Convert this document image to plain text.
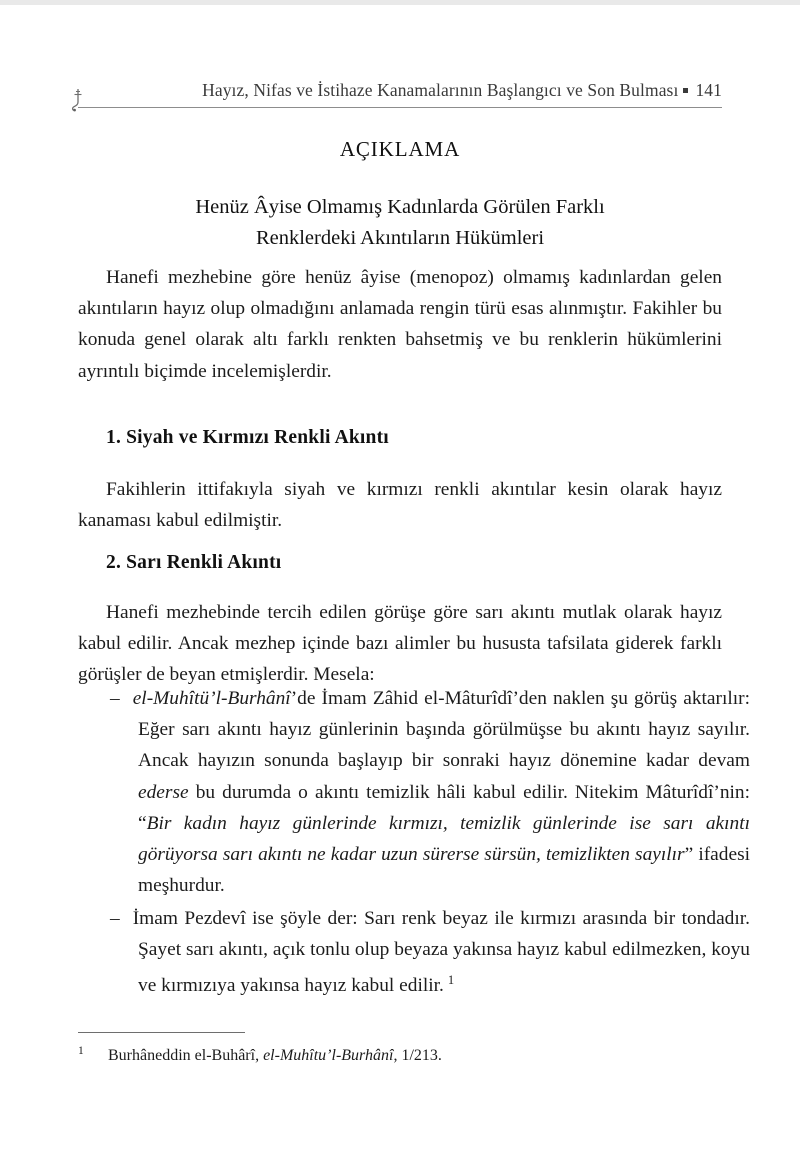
Hayız, Nifas ve İstihaze Kanamalarının Başlangıcı ve Son Bulması 141
AÇIKLAMA
Henüz Âyise Olmamış Kadınlarda Görülen Farklı
Renklerdeki Akıntıların Hükümleri
Hanefi mezhebine göre henüz âyise (menopoz) olmamış kadınlardan gelen akıntıların hayız olup olmadığını anlamada rengin türü esas alınmıştır. Fakihler bu konuda genel olarak altı farklı renkten bahsetmiş ve bu renklerin hükümlerini ayrıntılı biçimde incelemişlerdir.
1. Siyah ve Kırmızı Renkli Akıntı
Fakihlerin ittifakıyla siyah ve kırmızı renkli akıntılar kesin olarak hayız kanaması kabul edilmiştir.
2. Sarı Renkli Akıntı
Hanefi mezhebinde tercih edilen görüşe göre sarı akıntı mutlak olarak hayız kabul edilir. Ancak mezhep içinde bazı alimler bu hususta tafsilata giderek farklı görüşler de beyan etmişlerdir. Mesela:
– el-Muhîtü’l-Burhânî’de İmam Zâhid el-Mâturîdî’den naklen şu görüş aktarılır: Eğer sarı akıntı hayız günlerinin başında görülmüşse bu akıntı hayız sayılır. Ancak hayızın sonunda başlayıp bir sonraki hayız dönemine kadar devam ederse bu durumda o akıntı temizlik hâli kabul edilir. Nitekim Mâturîdî’nin: “Bir kadın hayız günlerinde kırmızı, temizlik günlerinde ise sarı akıntı görüyorsa sarı akıntı ne kadar uzun sürerse sürsün, temizlikten sayılır” ifadesi meşhurdur.
– İmam Pezdevî ise şöyle der: Sarı renk beyaz ile kırmızı arasında bir tondadır. Şayet sarı akıntı, açık tonlu olup beyaza yakınsa hayız kabul edilmezken, koyu ve kırmızıya yakınsa hayız kabul edilir. $^1$
1 Burhâneddin el-Buhârî, el-Muhîtu’l-Burhânî, 1/213.
